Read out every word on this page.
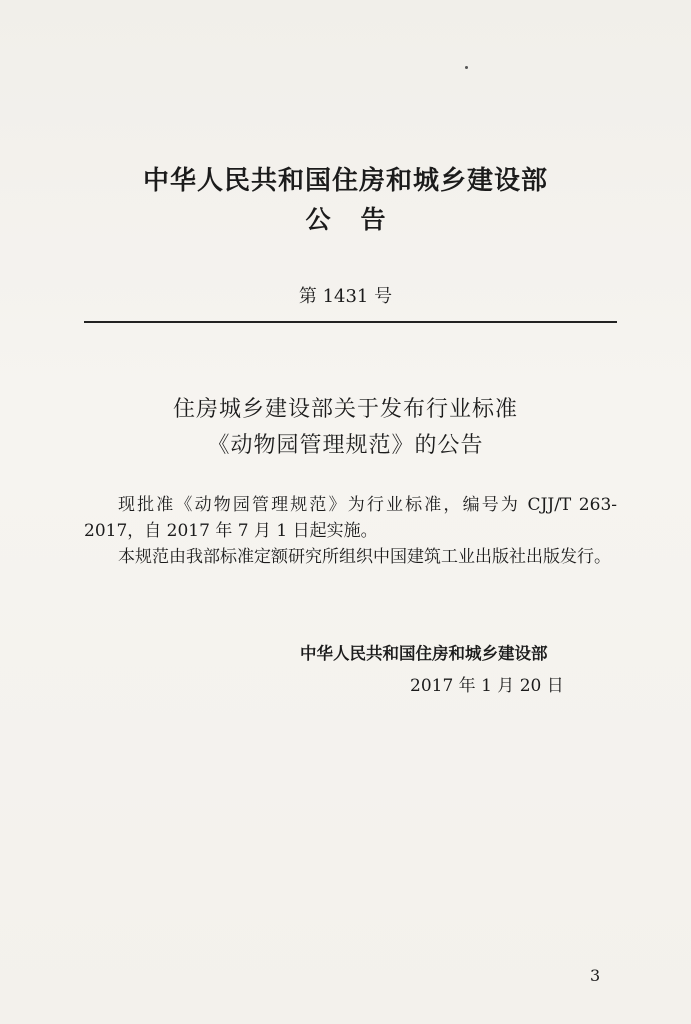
中华人民共和国住房和城乡建设部
公告
第 1431 号
住房城乡建设部关于发布行业标准
《动物园管理规范》的公告

现批准《动物园管理规范》为行业标准，编号为 CJJ/T 263-2017，自 2017 年 7 月 1 日起实施。

本规范由我部标准定额研究所组织中国建筑工业出版社出版发行。

中华人民共和国住房和城乡建设部
2017 年 1 月 20 日
3
